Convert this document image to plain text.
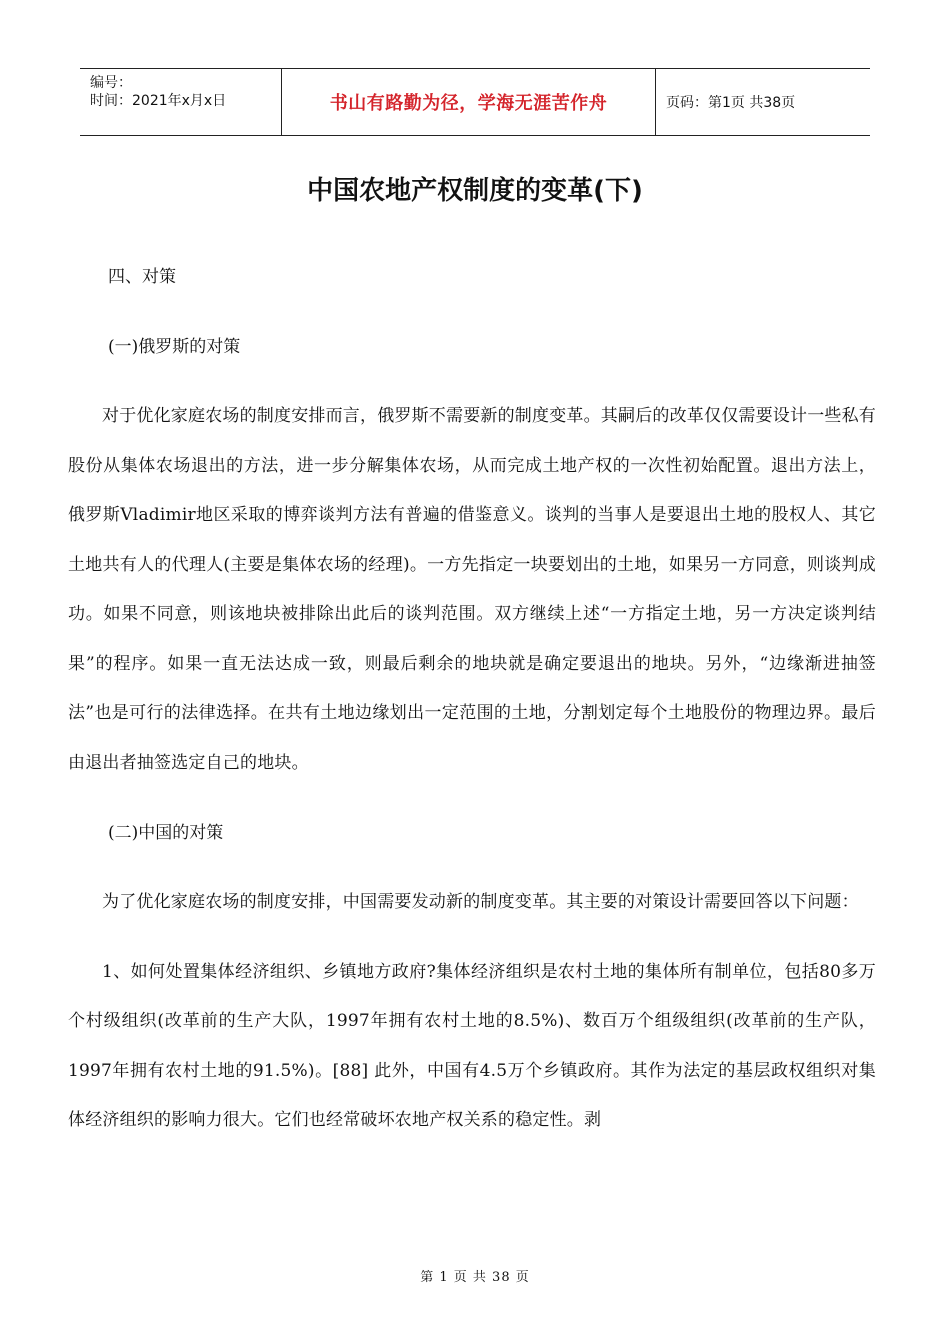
编号：
时间：2021年x月x日	书山有路勤为径，学海无涯苦作舟	页码：第1页 共38页
中国农地产权制度的变革(下)
四、对策
(一)俄罗斯的对策

对于优化家庭农场的制度安排而言，俄罗斯不需要新的制度变革。其嗣后的改革仅仅需要设计一些私有股份从集体农场退出的方法，进一步分解集体农场，从而完成土地产权的一次性初始配置。退出方法上，俄罗斯Vladimir地区采取的博弈谈判方法有普遍的借鉴意义。谈判的当事人是要退出土地的股权人、其它土地共有人的代理人(主要是集体农场的经理)。一方先指定一块要划出的土地，如果另一方同意，则谈判成功。如果不同意，则该地块被排除出此后的谈判范围。双方继续上述“一方指定土地，另一方决定谈判结果”的程序。如果一直无法达成一致，则最后剩余的地块就是确定要退出的地块。另外，“边缘渐进抽签法”也是可行的法律选择。在共有土地边缘划出一定范围的土地，分割划定每个土地股份的物理边界。最后由退出者抽签选定自己的地块。

(二)中国的对策

为了优化家庭农场的制度安排，中国需要发动新的制度变革。其主要的对策设计需要回答以下问题：

1、如何处置集体经济组织、乡镇地方政府?集体经济组织是农村土地的集体所有制单位，包括80多万个村级组织(改革前的生产大队，1997年拥有农村土地的8.5%)、数百万个组级组织(改革前的生产队，1997年拥有农村土地的91.5%)。[88] 此外，中国有4.5万个乡镇政府。其作为法定的基层政权组织对集体经济组织的影响力很大。它们也经常破坏农地产权关系的稳定性。剥

第 1 页 共 38 页
